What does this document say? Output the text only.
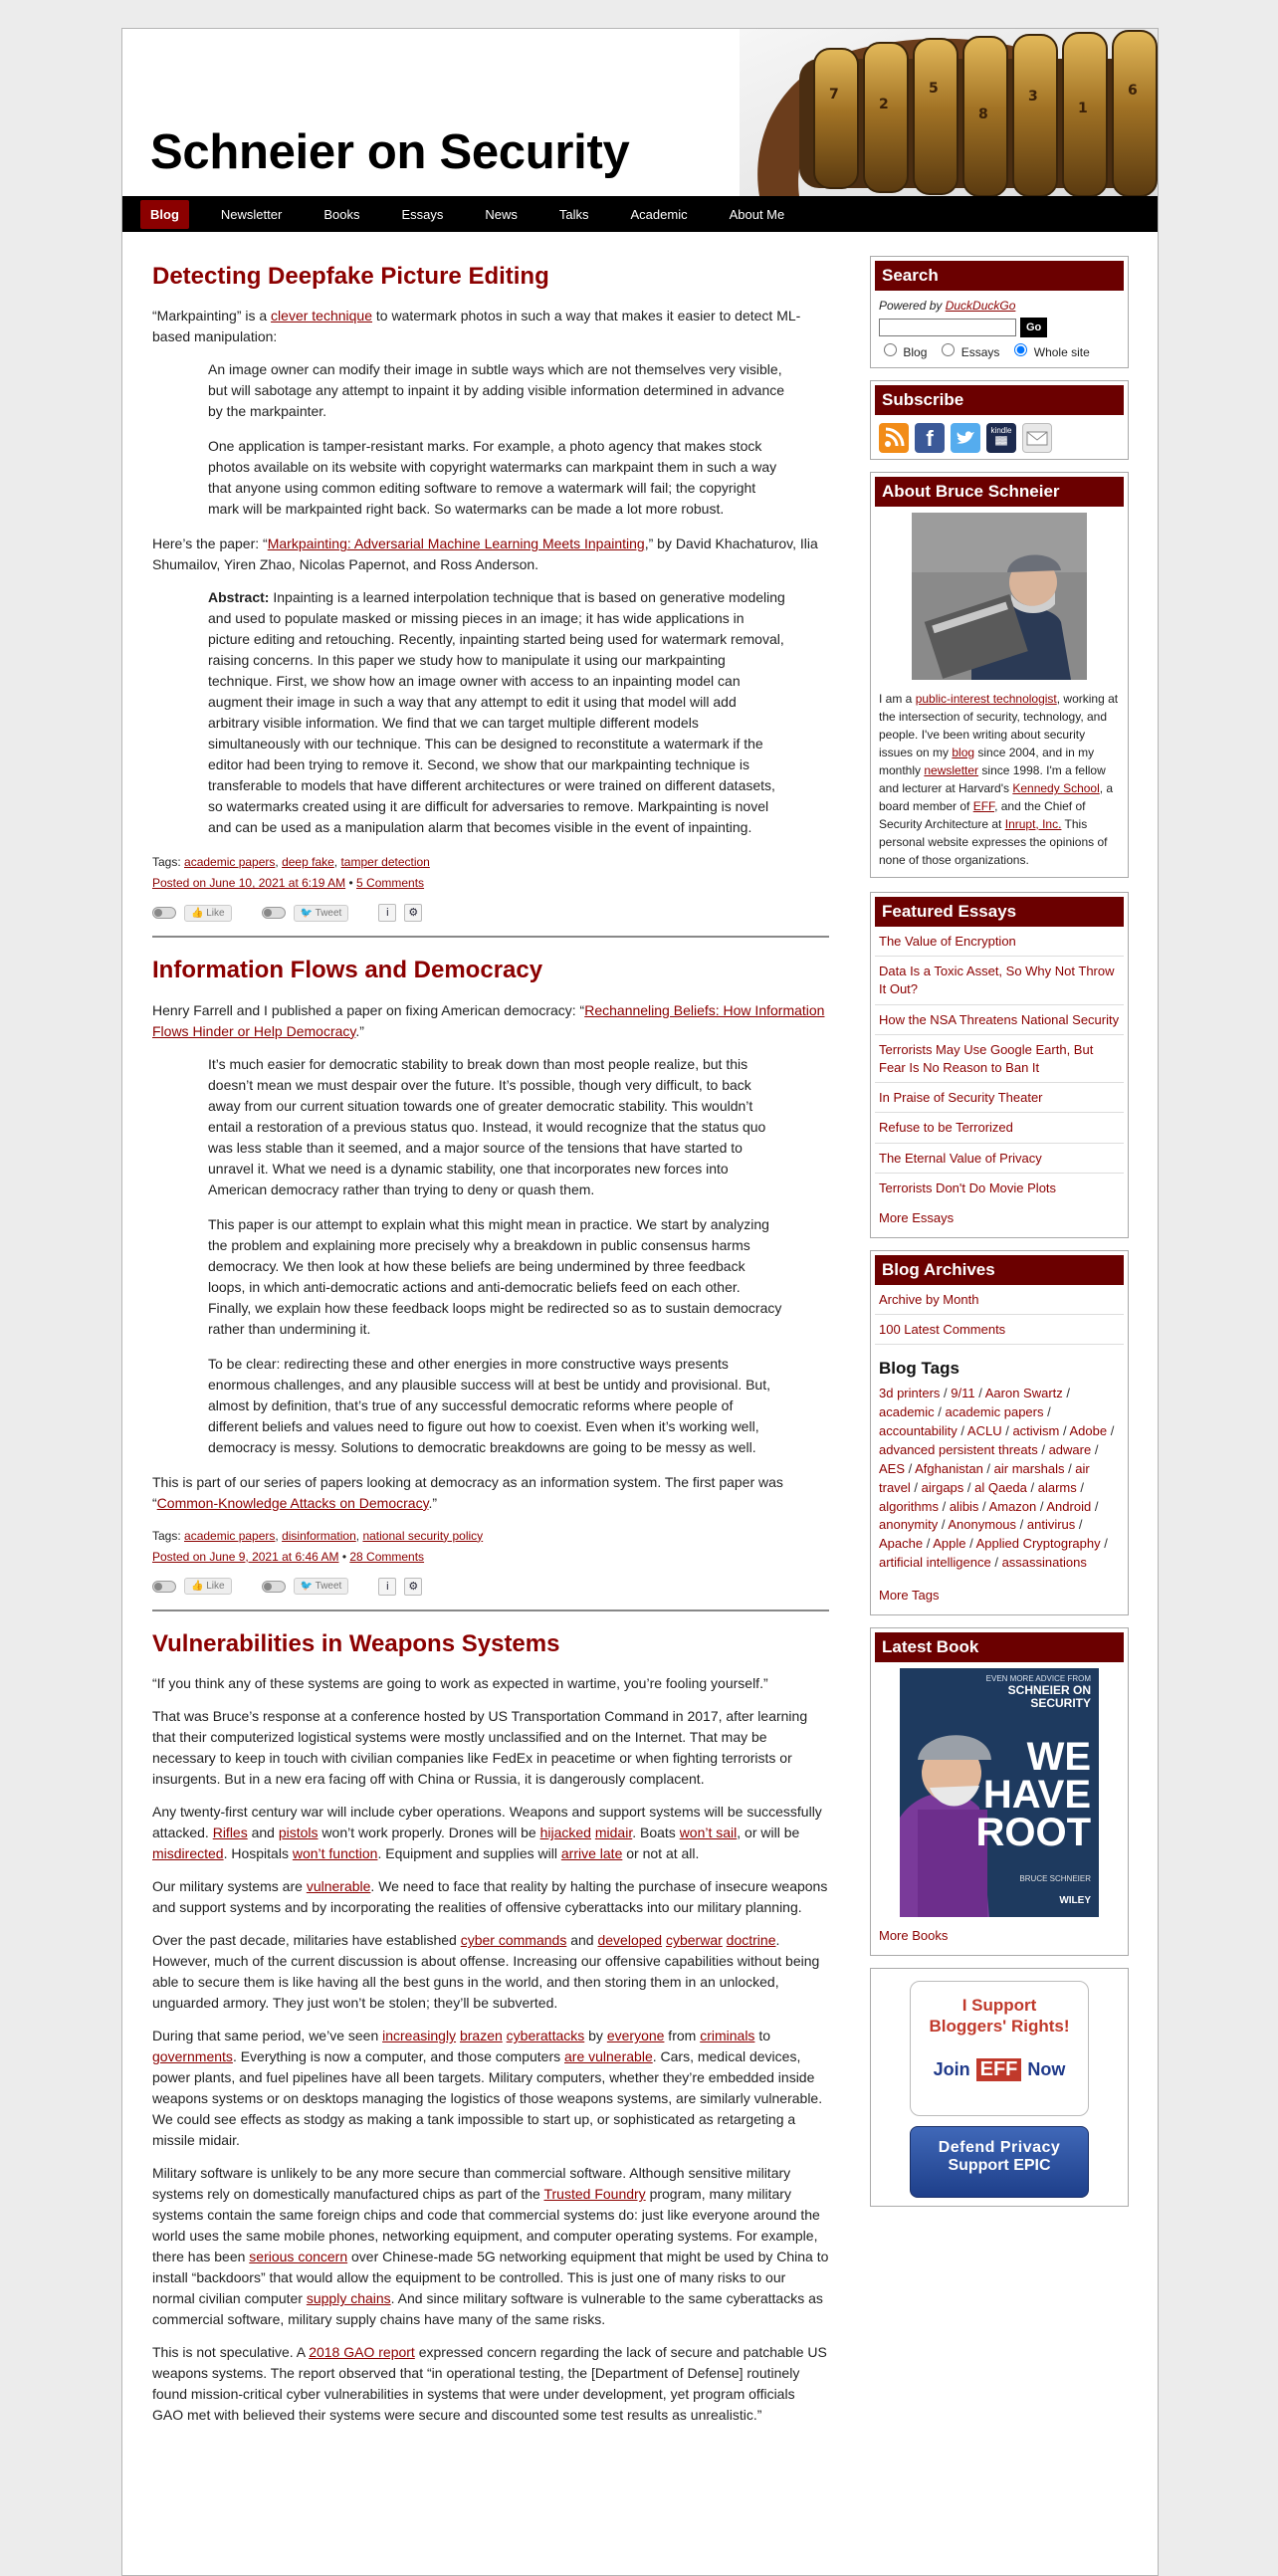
Schneier on Security
7
2
5
8
3
1
6
Blog	Newsletter	Books	Essays	News	Talks	Academic	About Me
Detecting Deepfake Picture Editing

“Markpainting” is a clever technique to watermark photos in such a way that makes it easier to detect ML-based manipulation:

An image owner can modify their image in subtle ways which are not themselves very visible, but will sabotage any attempt to inpaint it by adding visible information determined in advance by the markpainter.

One application is tamper-resistant marks. For example, a photo agency that makes stock photos available on its website with copyright watermarks can markpaint them in such a way that anyone using common editing software to remove a watermark will fail; the copyright mark will be markpainted right back. So watermarks can be made a lot more robust.

Here’s the paper: “Markpainting: Adversarial Machine Learning Meets Inpainting,” by David Khachaturov, Ilia Shumailov, Yiren Zhao, Nicolas Papernot, and Ross Anderson.

Abstract: Inpainting is a learned interpolation technique that is based on generative modeling and used to populate masked or missing pieces in an image; it has wide applications in picture editing and retouching. Recently, inpainting started being used for watermark removal, raising concerns. In this paper we study how to manipulate it using our markpainting technique. First, we show how an image owner with access to an inpainting model can augment their image in such a way that any attempt to edit it using that model will add arbitrary visible information. We find that we can target multiple different models simultaneously with our technique. This can be designed to reconstitute a watermark if the editor had been trying to remove it. Second, we show that our markpainting technique is transferable to models that have different architectures or were trained on different datasets, so watermarks created using it are difficult for adversaries to remove. Markpainting is novel and can be used as a manipulation alarm that becomes visible in the event of inpainting.

Tags: academic papers, deep fake, tamper detection

Posted on June 10, 2021 at 6:19 AM • 5 Comments

👍 Like	🐦 Tweet	i	⚙
Information Flows and Democracy

Henry Farrell and I published a paper on fixing American democracy: “Rechanneling Beliefs: How Information Flows Hinder or Help Democracy.”

It’s much easier for democratic stability to break down than most people realize, but this doesn’t mean we must despair over the future. It’s possible, though very difficult, to back away from our current situation towards one of greater democratic stability. This wouldn’t entail a restoration of a previous status quo. Instead, it would recognize that the status quo was less stable than it seemed, and a major source of the tensions that have started to unravel it. What we need is a dynamic stability, one that incorporates new forces into American democracy rather than trying to deny or quash them.

This paper is our attempt to explain what this might mean in practice. We start by analyzing the problem and explaining more precisely why a breakdown in public consensus harms democracy. We then look at how these beliefs are being undermined by three feedback loops, in which anti-democratic actions and anti-democratic beliefs feed on each other. Finally, we explain how these feedback loops might be redirected so as to sustain democracy rather than undermining it.

To be clear: redirecting these and other energies in more constructive ways presents enormous challenges, and any plausible success will at best be untidy and provisional. But, almost by definition, that’s true of any successful democratic reforms where people of different beliefs and values need to figure out how to coexist. Even when it’s working well, democracy is messy. Solutions to democratic breakdowns are going to be messy as well.

This is part of our series of papers looking at democracy as an information system. The first paper was “Common-Knowledge Attacks on Democracy.”

Tags: academic papers, disinformation, national security policy

Posted on June 9, 2021 at 6:46 AM • 28 Comments

👍 Like	🐦 Tweet	i	⚙
Vulnerabilities in Weapons Systems

“If you think any of these systems are going to work as expected in wartime, you’re fooling yourself.”

That was Bruce’s response at a conference hosted by US Transportation Command in 2017, after learning that their computerized logistical systems were mostly unclassified and on the Internet. That may be necessary to keep in touch with civilian companies like FedEx in peacetime or when fighting terrorists or insurgents. But in a new era facing off with China or Russia, it is dangerously complacent.

Any twenty-first century war will include cyber operations. Weapons and support systems will be successfully attacked. Rifles and pistols won’t work properly. Drones will be hijacked midair. Boats won’t sail, or will be misdirected. Hospitals won’t function. Equipment and supplies will arrive late or not at all.

Our military systems are vulnerable. We need to face that reality by halting the purchase of insecure weapons and support systems and by incorporating the realities of offensive cyberattacks into our military planning.

Over the past decade, militaries have established cyber commands and developed cyberwar doctrine. However, much of the current discussion is about offense. Increasing our offensive capabilities without being able to secure them is like having all the best guns in the world, and then storing them in an unlocked, unguarded armory. They just won’t be stolen; they’ll be subverted.

During that same period, we’ve seen increasingly brazen cyberattacks by everyone from criminals to governments. Everything is now a computer, and those computers are vulnerable. Cars, medical devices, power plants, and fuel pipelines have all been targets. Military computers, whether they’re embedded inside weapons systems or on desktops managing the logistics of those weapons systems, are similarly vulnerable. We could see effects as stodgy as making a tank impossible to start up, or sophisticated as retargeting a missile midair.

Military software is unlikely to be any more secure than commercial software. Although sensitive military systems rely on domestically manufactured chips as part of the Trusted Foundry program, many military systems contain the same foreign chips and code that commercial systems do: just like everyone around the world uses the same mobile phones, networking equipment, and computer operating systems. For example, there has been serious concern over Chinese-made 5G networking equipment that might be used by China to install “backdoors” that would allow the equipment to be controlled. This is just one of many risks to our normal civilian computer supply chains. And since military software is vulnerable to the same cyberattacks as commercial software, military supply chains have many of the same risks.

This is not speculative. A 2018 GAO report expressed concern regarding the lack of secure and patchable US weapons systems. The report observed that “in operational testing, the [Department of Defense] routinely found mission-critical cyber vulnerabilities in systems that were under development, yet program officials GAO met with believed their systems were secure and discounted some test results as unrealistic.”

Search
Powered by DuckDuckGo
Go
Blog	Essays	Whole site
Subscribe
f	kindle
▓▓
About Bruce Schneier
I am a public-interest technologist, working at the intersection of security, technology, and people. I've been writing about security issues on my blog since 2004, and in my monthly newsletter since 1998. I'm a fellow and lecturer at Harvard's Kennedy School, a board member of EFF, and the Chief of Security Architecture at Inrupt, Inc. This personal website expresses the opinions of none of those organizations.
Featured Essays
The Value of Encryption
Data Is a Toxic Asset, So Why Not Throw It Out?
How the NSA Threatens National Security
Terrorists May Use Google Earth, But Fear Is No Reason to Ban It
In Praise of Security Theater
Refuse to be Terrorized
The Eternal Value of Privacy
Terrorists Don't Do Movie Plots
More Essays
Blog Archives
Archive by Month
100 Latest Comments
Blog Tags
3d printers / 9/11 / Aaron Swartz / academic / academic papers / accountability / ACLU / activism / Adobe / advanced persistent threats / adware / AES / Afghanistan / air marshals / air travel / airgaps / al Qaeda / alarms / algorithms / alibis / Amazon / Android / anonymity / Anonymous / antivirus / Apache / Apple / Applied Cryptography / artificial intelligence / assassinations
More Tags
Latest Book
EVEN MORE ADVICE FROM
SCHNEIER ON SECURITY
WE
HAVE
ROOT
BRUCE SCHNEIER
WILEY
More Books
I Support
Bloggers' Rights!
Join EFF Now
Defend Privacy
Support EPIC
